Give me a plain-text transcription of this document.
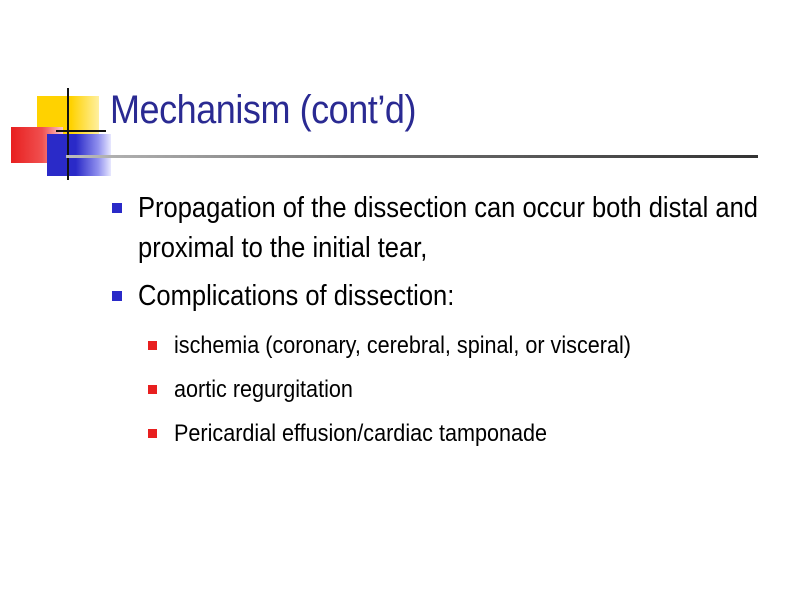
Mechanism (cont’d)
Propagation of the dissection can occur both distal and proximal to the initial tear,
Complications of dissection:
ischemia (coronary, cerebral, spinal, or visceral)
aortic regurgitation
Pericardial effusion/cardiac tamponade
